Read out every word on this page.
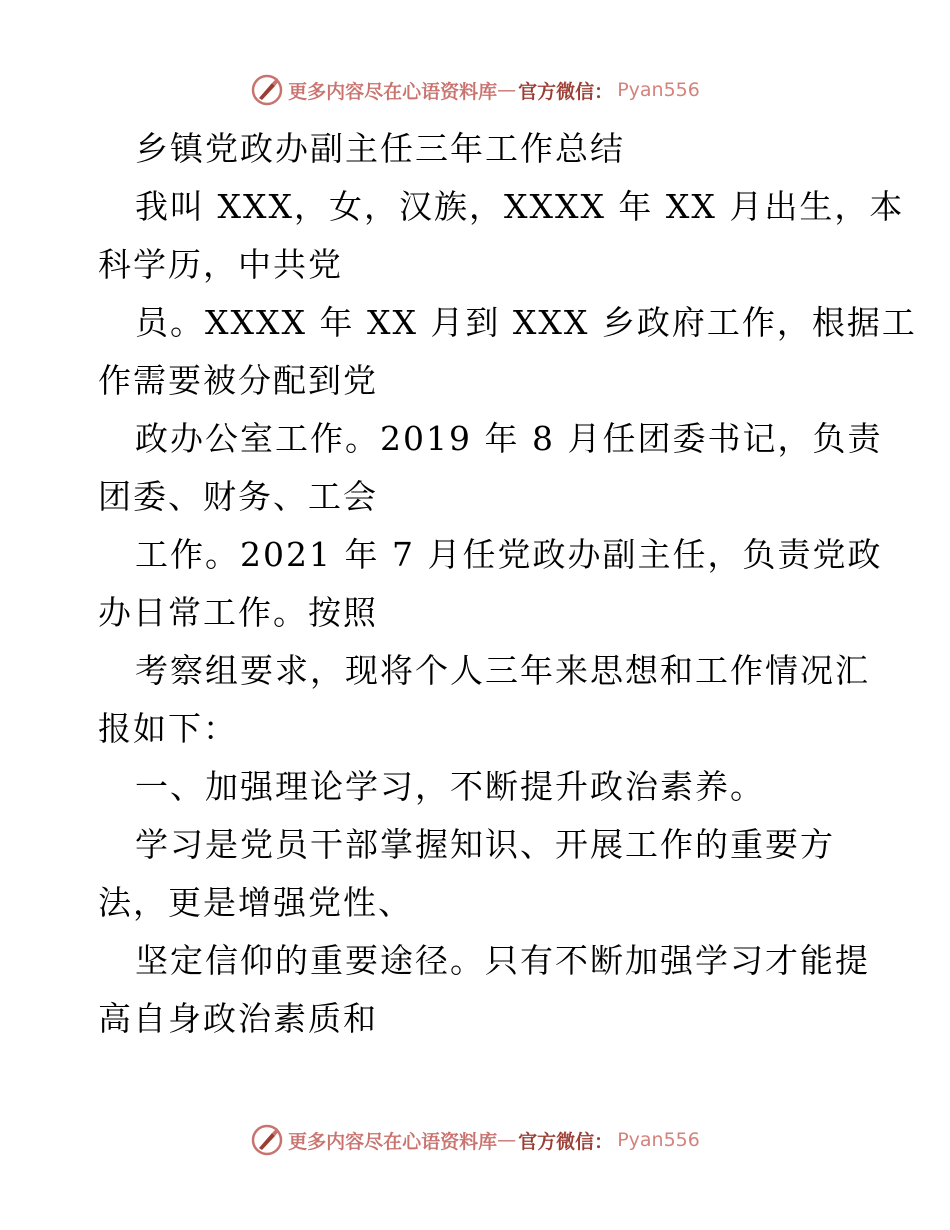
更多内容尽在心语资料库 — 官方微信： Pyan556
乡镇党政办副主任三年工作总结
我叫 XXX，女，汉族，XXXX 年 XX 月出生，本
科学历，中共党
员。XXXX 年 XX 月到 XXX 乡政府工作，根据工
作需要被分配到党
政办公室工作。2019 年 8 月任团委书记，负责
团委、财务、工会
工作。2021 年 7 月任党政办副主任，负责党政
办日常工作。按照
考察组要求，现将个人三年来思想和工作情况汇
报如下：
一、加强理论学习，不断提升政治素养。
学习是党员干部掌握知识、开展工作的重要方
法，更是增强党性、
坚定信仰的重要途径。只有不断加强学习才能提
高自身政治素质和
更多内容尽在心语资料库 — 官方微信： Pyan556
